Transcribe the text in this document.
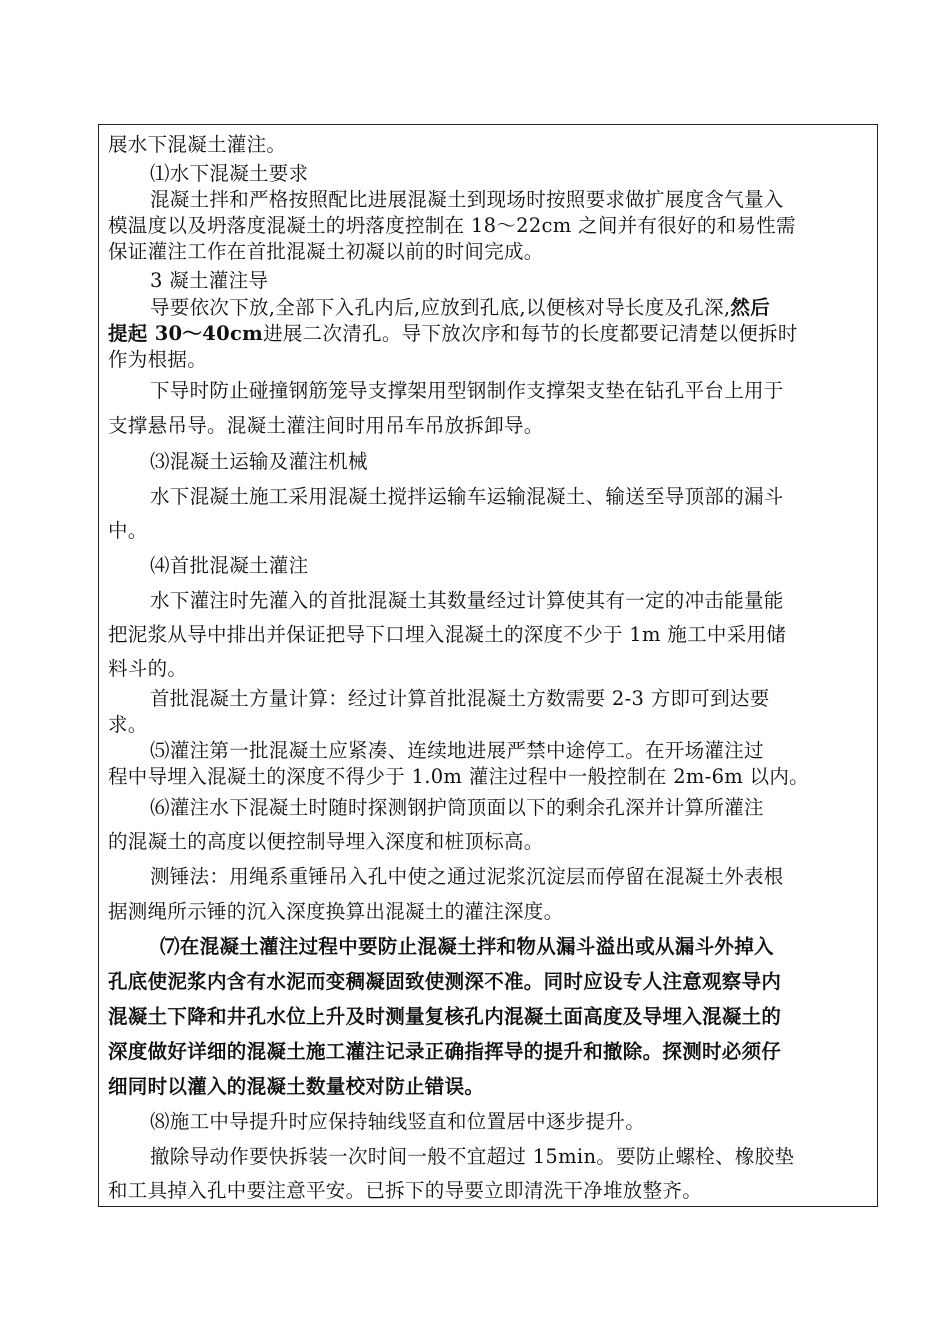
展水下混凝土灌注。
⑴水下混凝土要求
混凝土拌和严格按照配比进展混凝土到现场时按照要求做扩展度含气量入
模温度以及坍落度混凝土的坍落度控制在 18～22cm 之间并有很好的和易性需
保证灌注工作在首批混凝土初凝以前的时间完成。
3 凝土灌注导
导要依次下放,全部下入孔内后,应放到孔底,以便核对导长度及孔深,然后
提起 30～40cm进展二次清孔。导下放次序和每节的长度都要记清楚以便拆时
作为根据。
下导时防止碰撞钢筋笼导支撑架用型钢制作支撑架支垫在钻孔平台上用于
支撑悬吊导。混凝土灌注间时用吊车吊放拆卸导。
⑶混凝土运输及灌注机械
水下混凝土施工采用混凝土搅拌运输车运输混凝土、输送至导顶部的漏斗
中。
⑷首批混凝土灌注
水下灌注时先灌入的首批混凝土其数量经过计算使其有一定的冲击能量能
把泥浆从导中排出并保证把导下口埋入混凝土的深度不少于 1m 施工中采用储
料斗的。
首批混凝土方量计算：经过计算首批混凝土方数需要 2-3 方即可到达要
求。
⑸灌注第一批混凝土应紧凑、连续地进展严禁中途停工。在开场灌注过
程中导埋入混凝土的深度不得少于 1.0m 灌注过程中一般控制在 2m-6m 以内。
⑹灌注水下混凝土时随时探测钢护筒顶面以下的剩余孔深并计算所灌注
的混凝土的高度以便控制导埋入深度和桩顶标高。
测锤法：用绳系重锤吊入孔中使之通过泥浆沉淀层而停留在混凝土外表根
据测绳所示锤的沉入深度换算出混凝土的灌注深度。
⑺在混凝土灌注过程中要防止混凝土拌和物从漏斗溢出或从漏斗外掉入
孔底使泥浆内含有水泥而变稠凝固致使测深不准。同时应设专人注意观察导内
混凝土下降和井孔水位上升及时测量复核孔内混凝土面高度及导埋入混凝土的
深度做好详细的混凝土施工灌注记录正确指挥导的提升和撤除。探测时必须仔
细同时以灌入的混凝土数量校对防止错误。
⑻施工中导提升时应保持轴线竖直和位置居中逐步提升。
撤除导动作要快拆装一次时间一般不宜超过 15min。要防止螺栓、橡胶垫
和工具掉入孔中要注意平安。已拆下的导要立即清洗干净堆放整齐。
